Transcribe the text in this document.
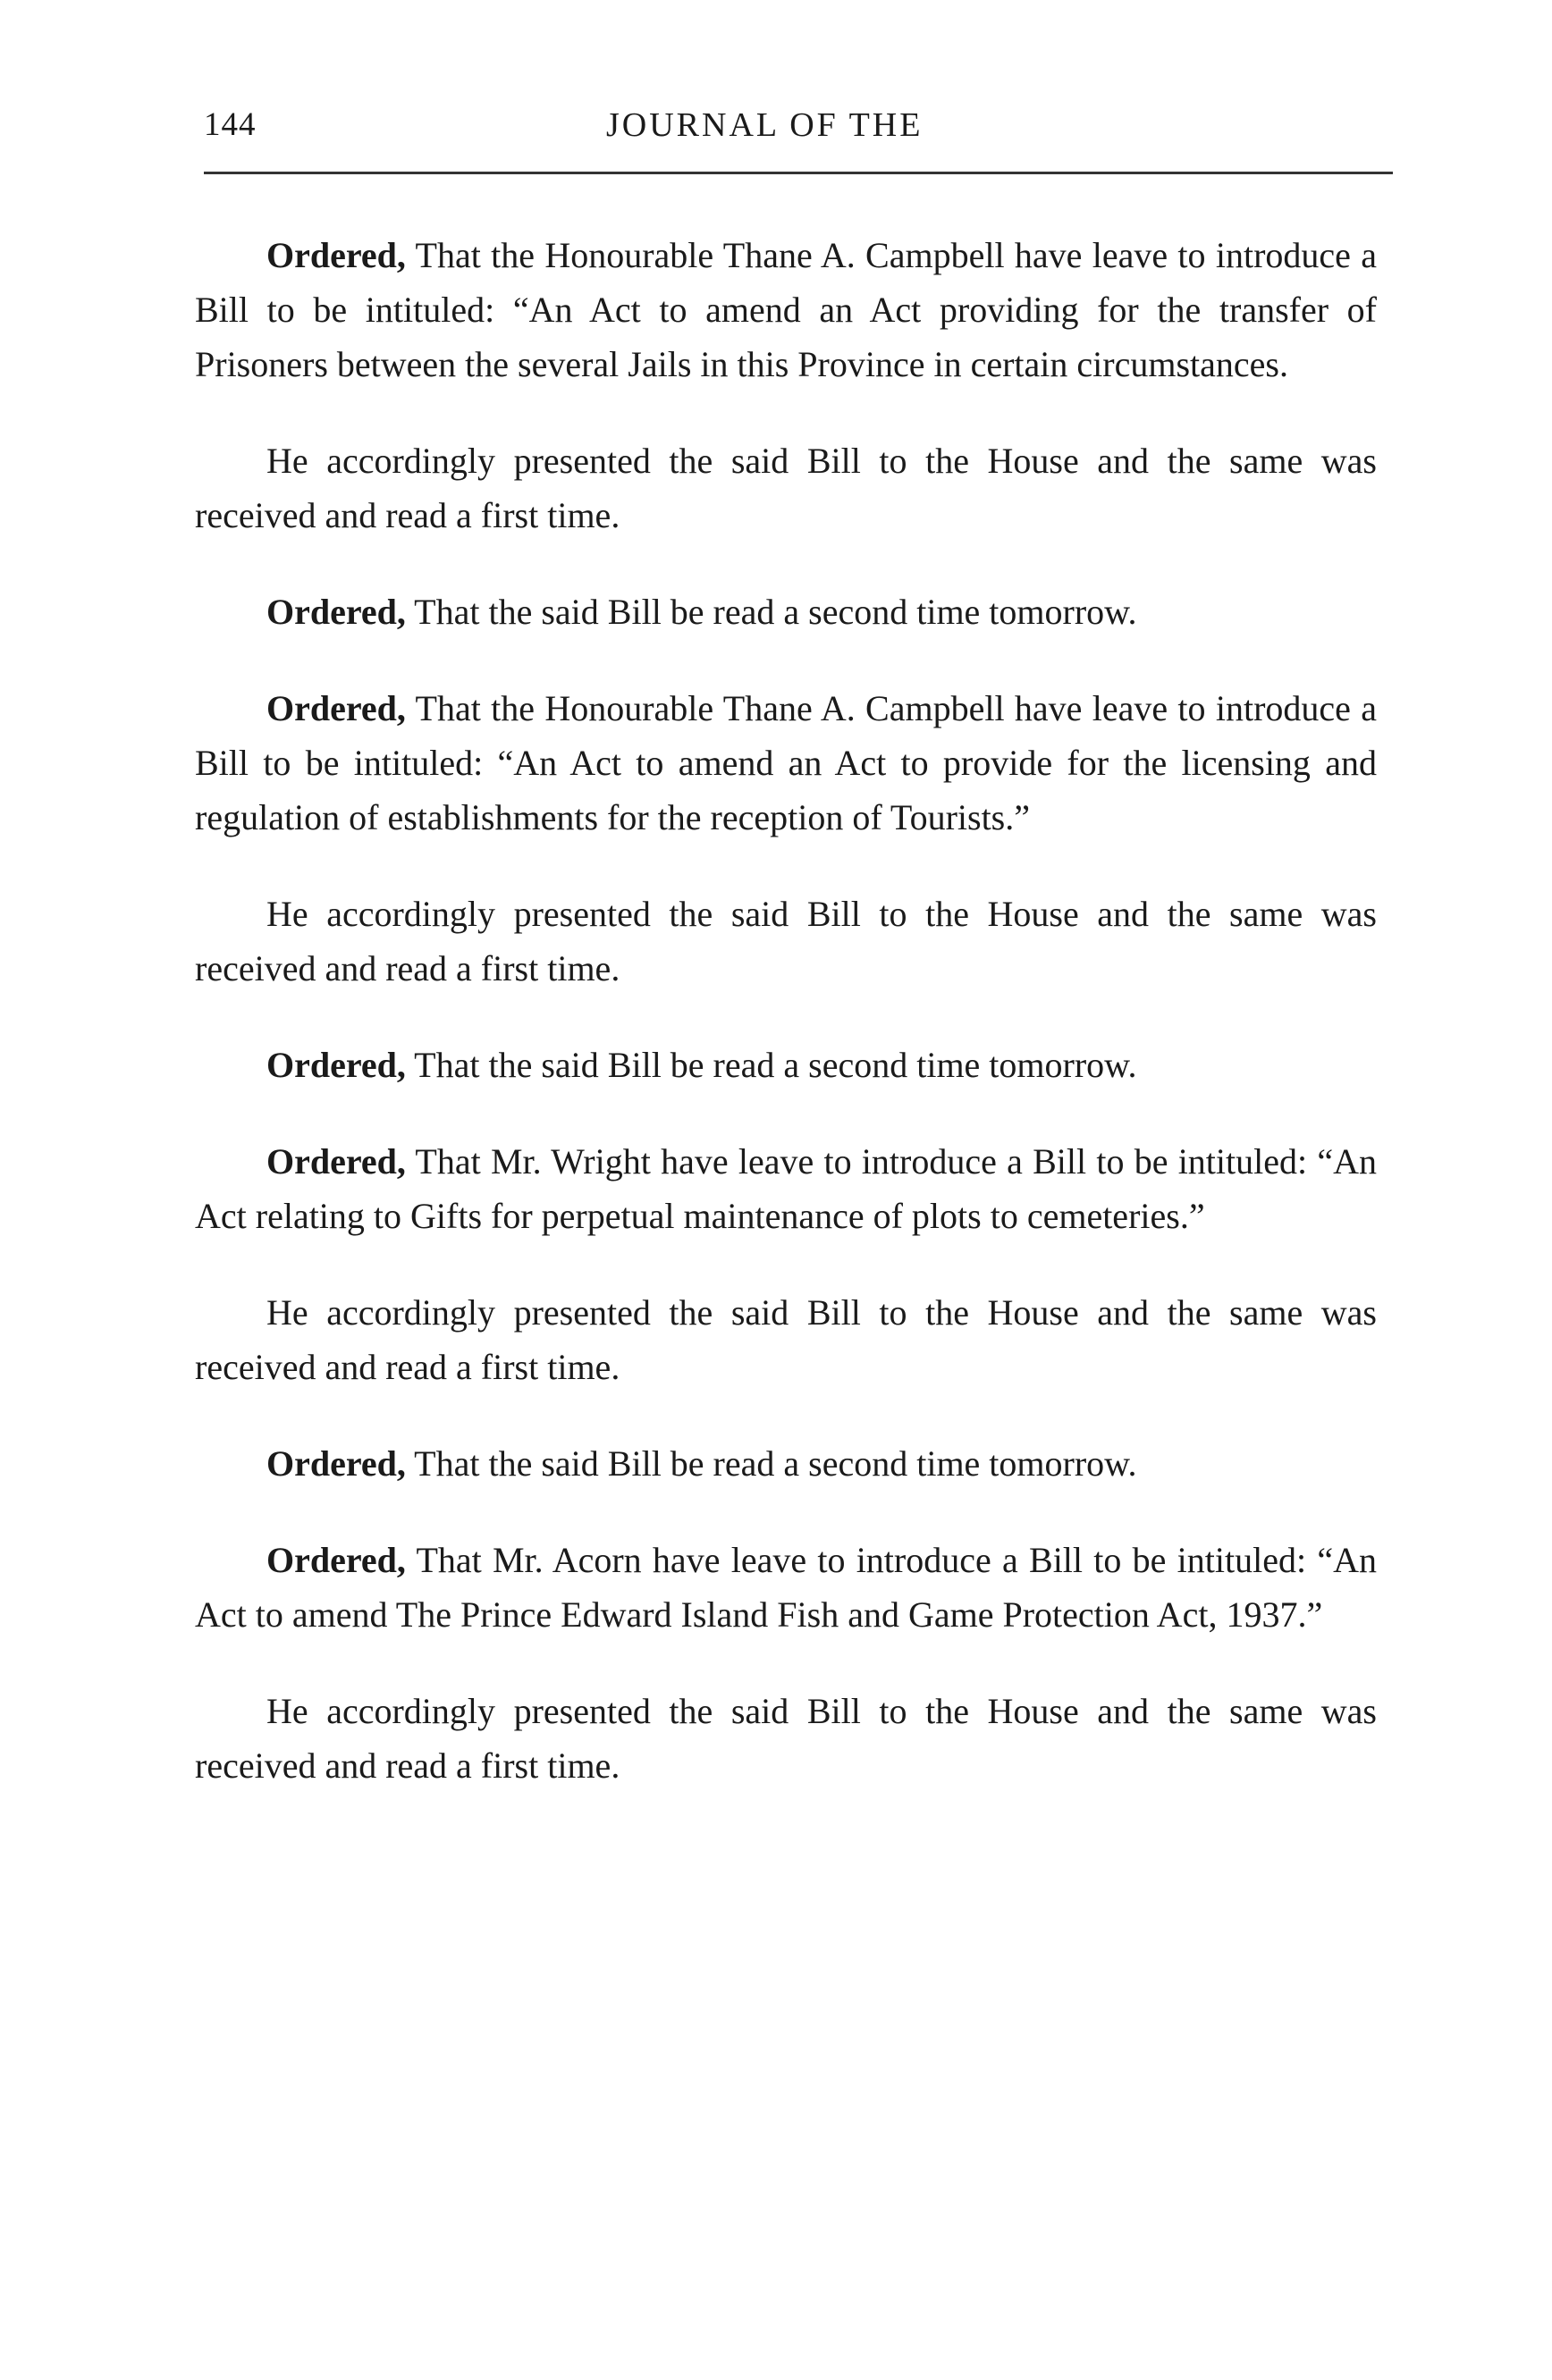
144	JOURNAL OF THE

Ordered, That the Honourable Thane A. Campbell have leave to introduce a Bill to be intituled: “An Act to amend an Act providing for the transfer of Prisoners between the several Jails in this Province in certain circumstances.

He accordingly presented the said Bill to the House and the same was received and read a first time.

Ordered, That the said Bill be read a second time tomorrow.

Ordered, That the Honourable Thane A. Campbell have leave to introduce a Bill to be intituled: “An Act to amend an Act to provide for the licensing and regulation of establishments for the reception of Tourists.”

He accordingly presented the said Bill to the House and the same was received and read a first time.

Ordered, That the said Bill be read a second time tomorrow.

Ordered, That Mr. Wright have leave to introduce a Bill to be intituled: “An Act relating to Gifts for perpetual maintenance of plots to cemeteries.”

He accordingly presented the said Bill to the House and the same was received and read a first time.

Ordered, That the said Bill be read a second time tomorrow.

Ordered, That Mr. Acorn have leave to introduce a Bill to be intituled: “An Act to amend The Prince Edward Island Fish and Game Protection Act, 1937.”

He accordingly presented the said Bill to the House and the same was received and read a first time.
